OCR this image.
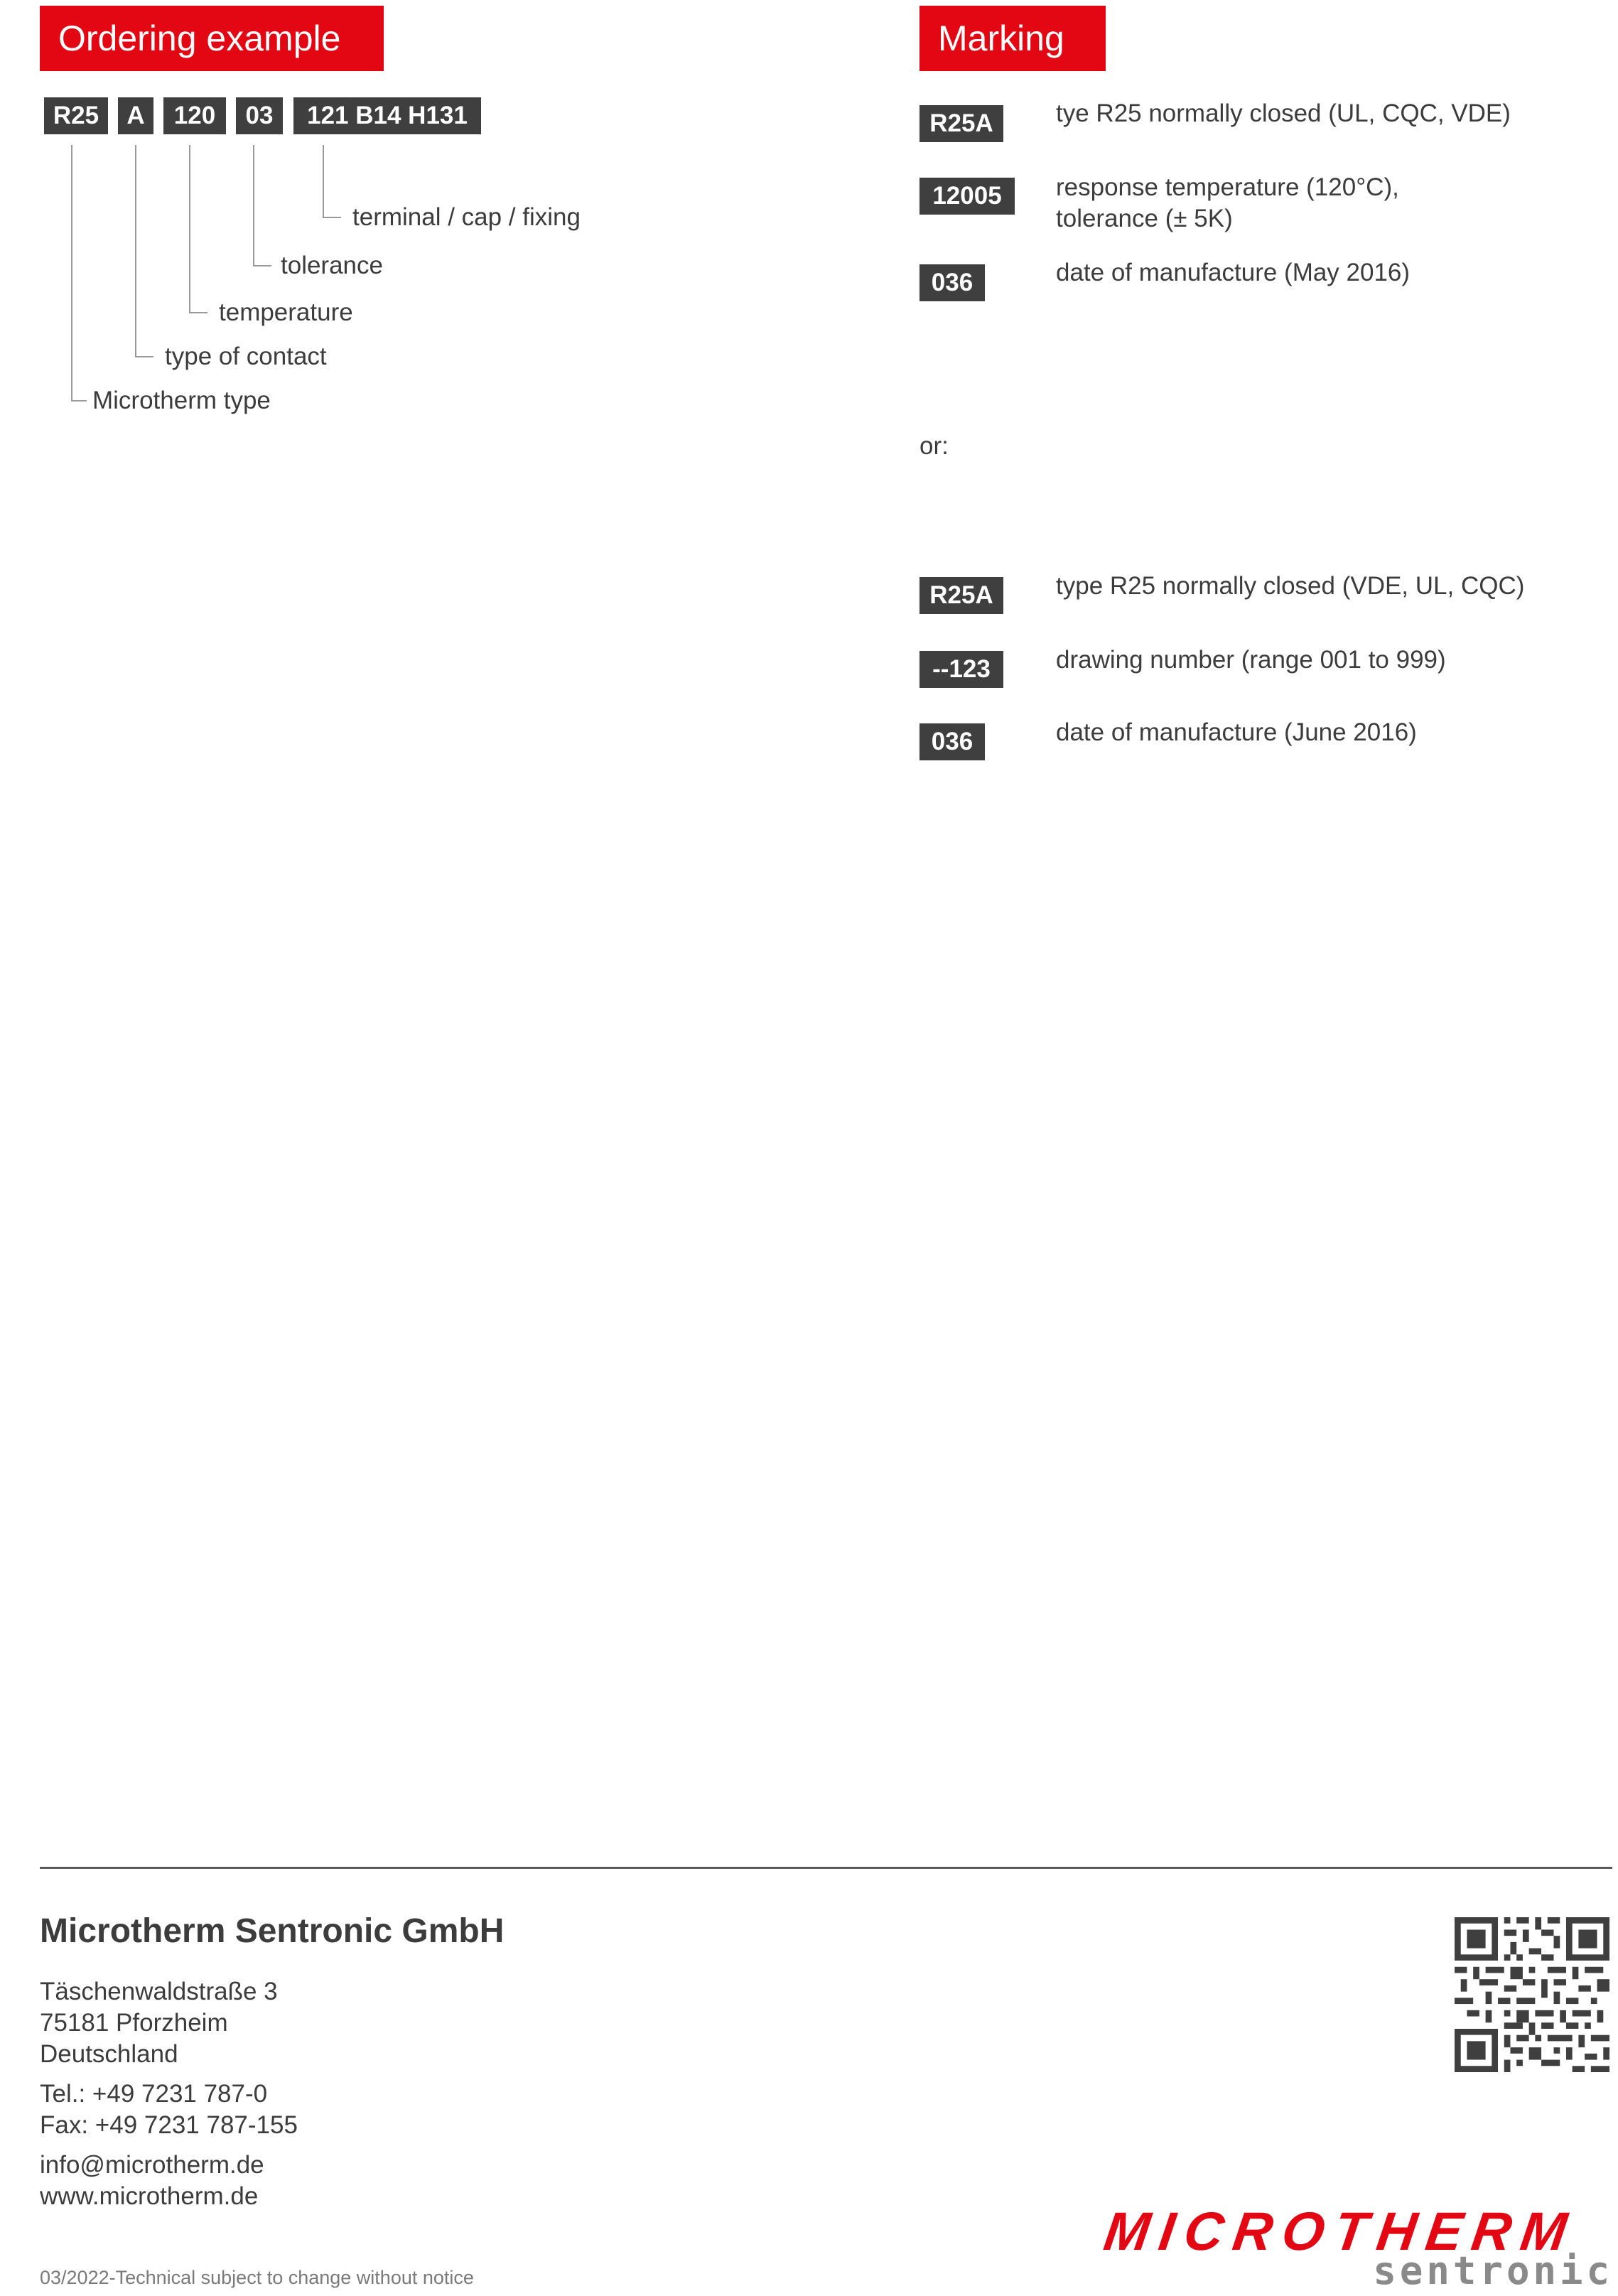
Ordering example
R25	A	120	03	121 B14 H131
terminal / cap / fixing
tolerance
temperature
type of contact
Microtherm type
Marking
R25A	tye R25 normally closed (UL, CQC, VDE)
12005	response temperature (120°C),
tolerance (± 5K)
036	date of manufacture (May 2016)
or:
R25A	type R25 normally closed (VDE, UL, CQC)
--123	drawing number (range 001 to 999)
036	date of manufacture (June 2016)
Microtherm Sentronic GmbH
Täschenwaldstraße 3
75181 Pforzheim
Deutschland
Tel.: +49 7231 787-0
Fax: +49 7231 787-155
info@microtherm.de
www.microtherm.de
03/2022-Technical subject to change without notice
MICROTHERM
sentronic
